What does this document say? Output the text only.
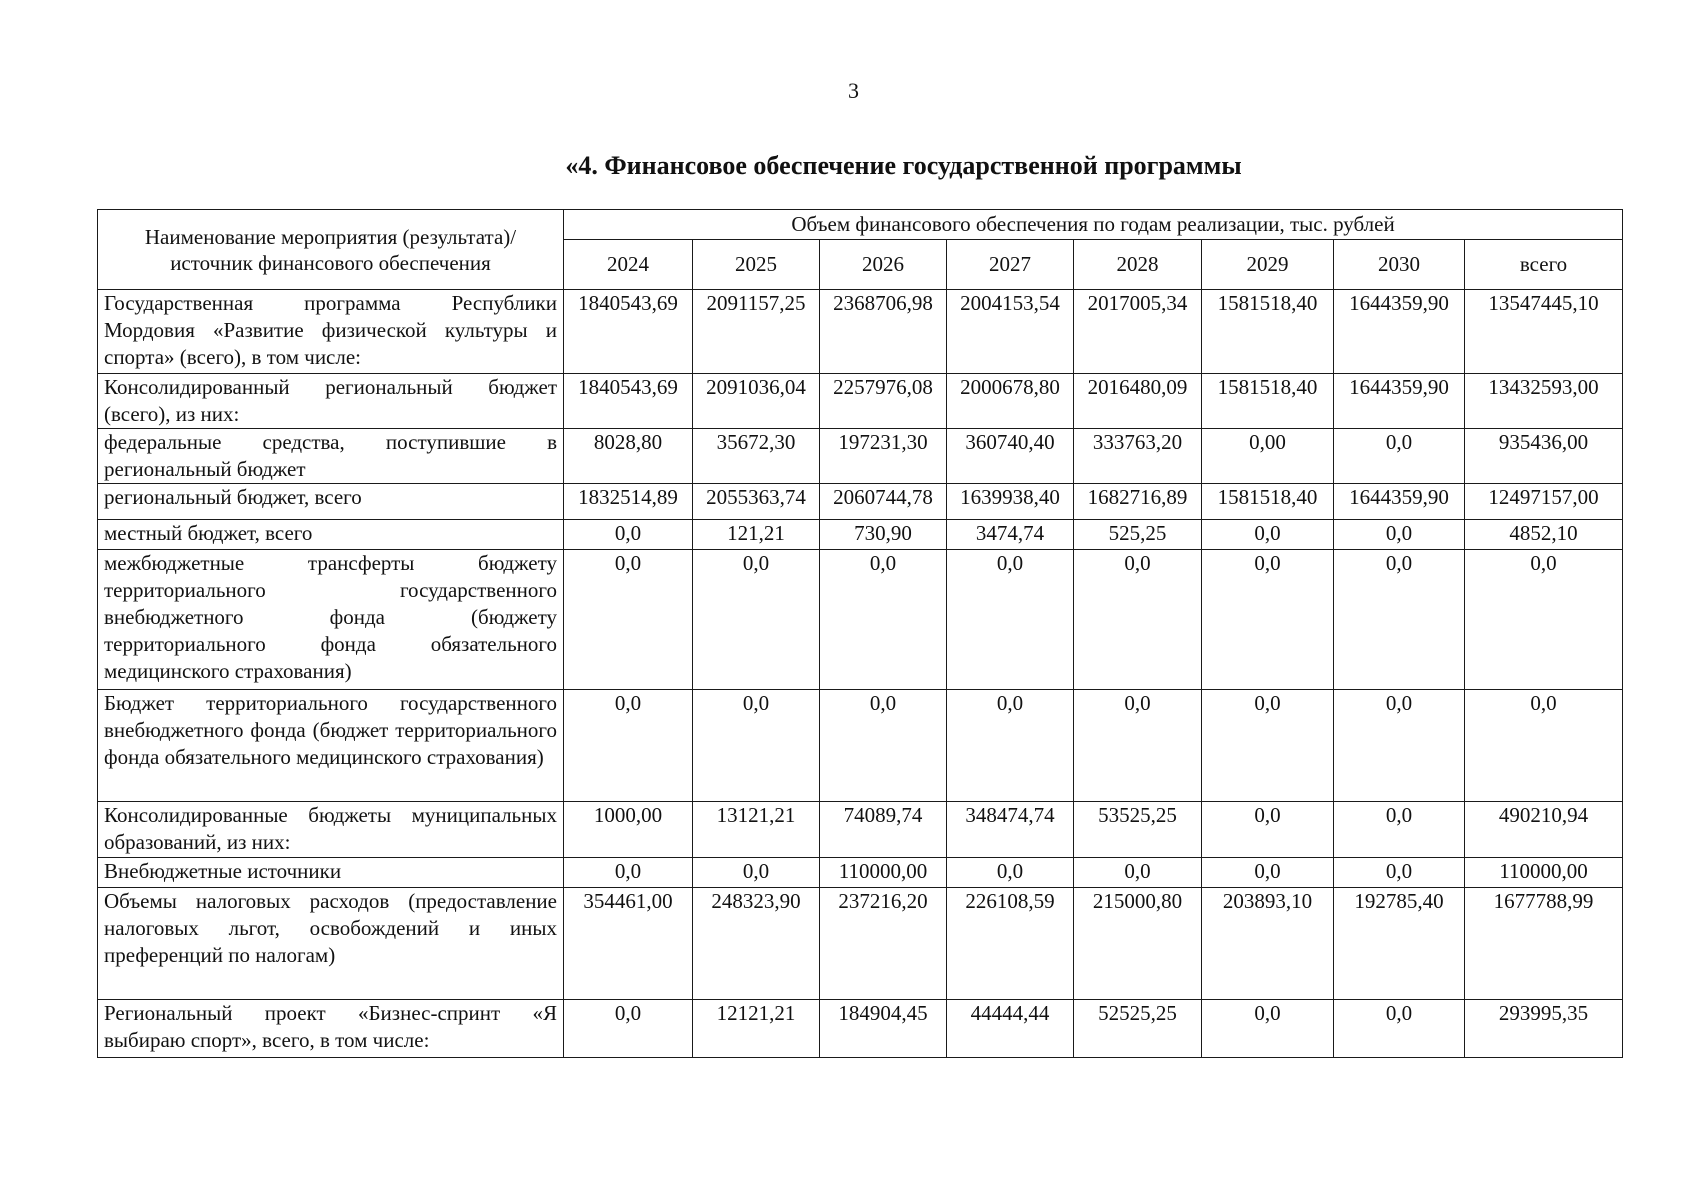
3
«4. Финансовое обеспечение государственной программы
Наименование мероприятия (результата)/источник финансового обеспечения	Объем финансового обеспечения по годам реализации, тыс. рублей							
	2024	2025	2026	2027	2028	2029	2030	всего
Государственная программа Республики Мордовия «Развитие физической культуры и спорта» (всего), в том числе:	1840543,69	2091157,25	2368706,98	2004153,54	2017005,34	1581518,40	1644359,90	13547445,10
Консолидированный региональный бюджет (всего), из них:	1840543,69	2091036,04	2257976,08	2000678,80	2016480,09	1581518,40	1644359,90	13432593,00
федеральные средства, поступившие в региональный бюджет	8028,80	35672,30	197231,30	360740,40	333763,20	0,00	0,0	935436,00
региональный бюджет, всего	1832514,89	2055363,74	2060744,78	1639938,40	1682716,89	1581518,40	1644359,90	12497157,00
местный бюджет, всего	0,0	121,21	730,90	3474,74	525,25	0,0	0,0	4852,10
межбюджетные трансферты бюджету территориального государственного внебюджетного фонда (бюджету территориального фонда обязательного медицинского страхования)	0,0	0,0	0,0	0,0	0,0	0,0	0,0	0,0
Бюджет территориального государственного внебюджетного фонда (бюджет территориального фонда обязательного медицинского страхования)	0,0	0,0	0,0	0,0	0,0	0,0	0,0	0,0
Консолидированные бюджеты муниципальных образований, из них:	1000,00	13121,21	74089,74	348474,74	53525,25	0,0	0,0	490210,94
Внебюджетные источники	0,0	0,0	110000,00	0,0	0,0	0,0	0,0	110000,00
Объемы налоговых расходов (предоставление налоговых льгот, освобождений и иных преференций по налогам)	354461,00	248323,90	237216,20	226108,59	215000,80	203893,10	192785,40	1677788,99
Региональный проект «Бизнес-спринт «Я выбираю спорт», всего, в том числе:	0,0	12121,21	184904,45	44444,44	52525,25	0,0	0,0	293995,35
